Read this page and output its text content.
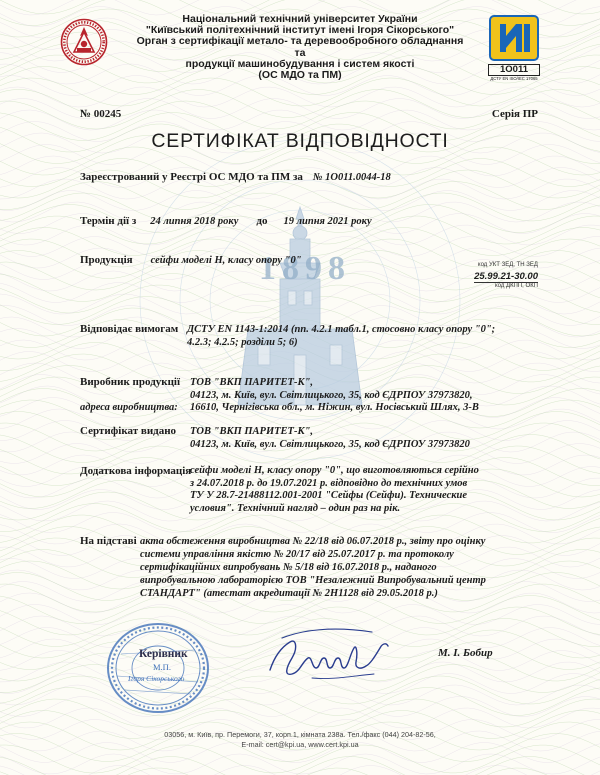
1898
1О011
ДСТУ EN ISO/IEC 17065
Національний технічний університет України
"Київський політехнічний інститут імені Ігоря Сікорського"
Орган з сертифікації метало- та деревообробного обладнання та
продукції машинобудування і систем якості
(ОС МДО та ПМ)
№ 00245	Серія ПР
СЕРТИФІКАТ ВІДПОВІДНОСТІ
Зареєстрований у Реєстрі ОС МДО та ПМ за № 1О011.0044-18
Термін дії з 24 липня 2018 року до 19 липня 2021 року
Продукція сейфи моделі H, класу опору "0"	код УКТ ЗЕД, ТН ЗЕД
25.99.21-30.00
код ДКПП, ОКП
Відповідає вимогам ДСТУ EN 1143-1:2014 (пп. 4.2.1 табл.1, стосовно класу опору "0";
4.2.3; 4.2.5; розділи 5; 6)
Виробник продукції ТОВ "ВКП ПАРИТЕТ-К",
04123, м. Київ, вул. Світлицького, 35, код ЄДРПОУ 37973820,
адреса виробництва: 16610, Чернігівська обл., м. Ніжин, вул. Носівський Шлях, 3-В
Сертифікат видано ТОВ "ВКП ПАРИТЕТ-К",
04123, м. Київ, вул. Світлицького, 35, код ЄДРПОУ 37973820
Додаткова інформація
сейфи моделі H, класу опору "0", що виготовляються серійно
з 24.07.2018 р. до 19.07.2021 р. відповідно до технічних умов
ТУ У 28.7-21488112.001-2001 "Сейфы (Сейфи). Технические
условия". Технічний нагляд – один раз на рік.
На підставі акта обстеження виробництва № 22/18 від 06.07.2018 р., звіту про оцінку
системи управління якістю № 20/17 від 25.07.2017 р. та протоколу
сертифікаційних випробувань № 5/18 від 16.07.2018 р., наданого
випробувальною лабораторією ТОВ "Незалежний Випробувальний центр
СТАНДАРТ" (атестат акредитації № 2Н1128 від 29.05.2018 р.)
Керівник
М.П.
Ігоря Сікорського
М. І. Бобир
03056, м. Київ, пр. Перемоги, 37, корп.1, кімната 238а. Тел./факс (044) 204-82-56,
E-mail: cert@kpi.ua, www.cert.kpi.ua
